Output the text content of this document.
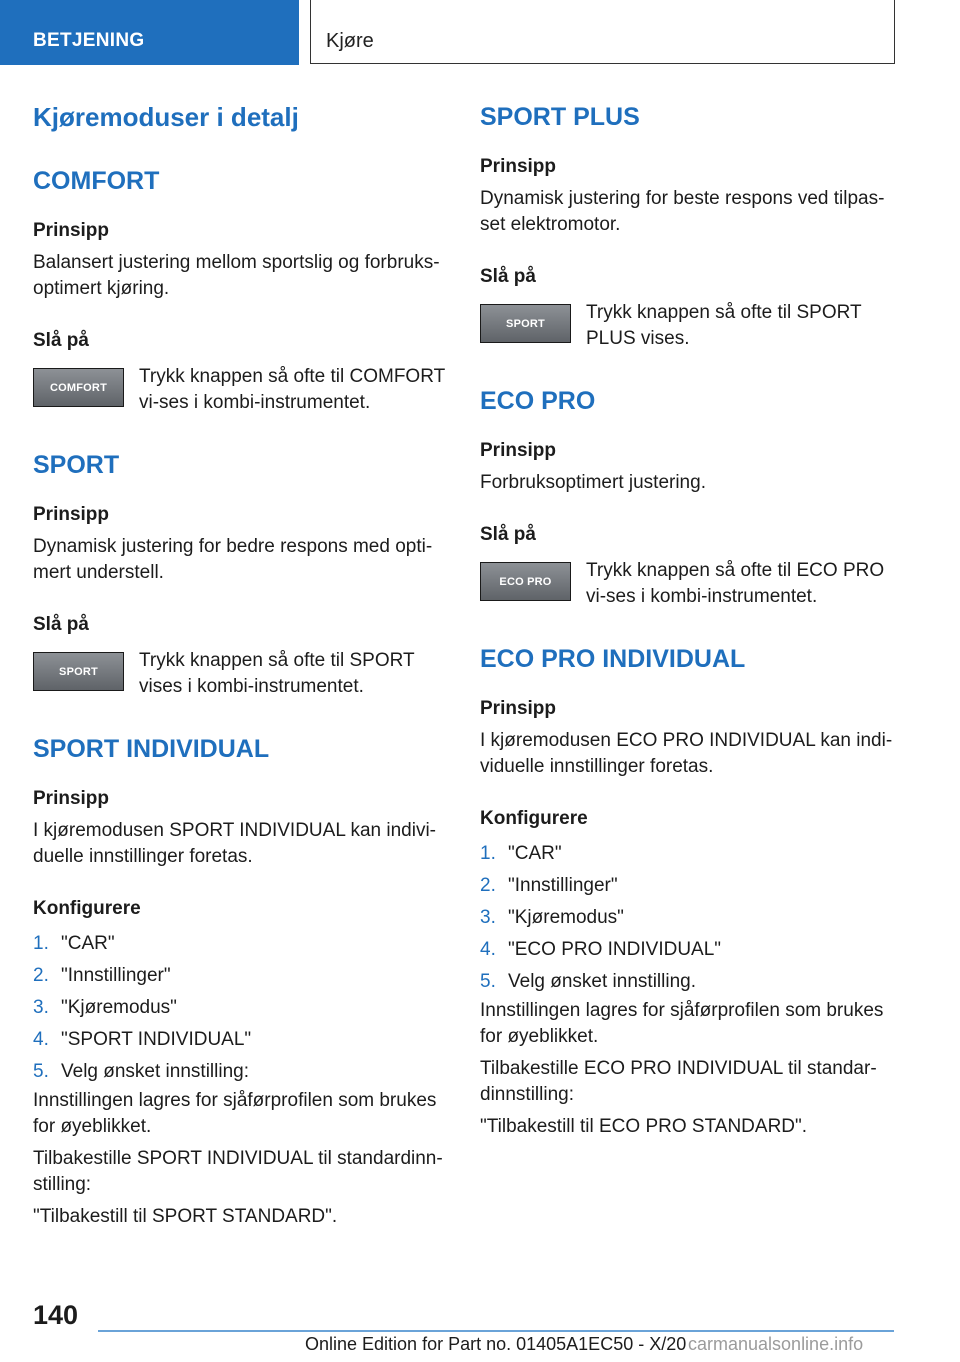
BETJENING	Kjøre
Kjøremoduser i detalj
COMFORT
Prinsipp

Balansert justering mellom sportslig og forbruks-optimert kjøring.

Slå på
COMFORT
Trykk knappen så ofte til COMFORT vi-ses i kombi-instrumentet.
SPORT
Prinsipp

Dynamisk justering for bedre respons med opti-mert understell.

Slå på
SPORT
Trykk knappen så ofte til SPORT vises i kombi-instrumentet.
SPORT INDIVIDUAL
Prinsipp

I kjøremodusen SPORT INDIVIDUAL kan indivi-duelle innstillinger foretas.

Konfigurere
1. "CAR"
2. "Innstillinger"
3. "Kjøremodus"
4. "SPORT INDIVIDUAL"
5. Velg ønsket innstilling:

Innstillingen lagres for sjåførprofilen som brukes for øyeblikket.

Tilbakestille SPORT INDIVIDUAL til standardinn-stilling:

"Tilbakestill til SPORT STANDARD".

SPORT PLUS
Prinsipp

Dynamisk justering for beste respons ved tilpas-set elektromotor.

Slå på
SPORT
Trykk knappen så ofte til SPORT PLUS vises.
ECO PRO
Prinsipp

Forbruksoptimert justering.

Slå på
ECO PRO
Trykk knappen så ofte til ECO PRO vi-ses i kombi-instrumentet.
ECO PRO INDIVIDUAL
Prinsipp

I kjøremodusen ECO PRO INDIVIDUAL kan indi-viduelle innstillinger foretas.

Konfigurere
1. "CAR"
2. "Innstillinger"
3. "Kjøremodus"
4. "ECO PRO INDIVIDUAL"
5. Velg ønsket innstilling.

Innstillingen lagres for sjåførprofilen som brukes for øyeblikket.

Tilbakestille ECO PRO INDIVIDUAL til standar-dinnstilling:

"Tilbakestill til ECO PRO STANDARD".

140
Online Edition for Part no. 01405A1EC50 - X/20 carmanualsonline.info
